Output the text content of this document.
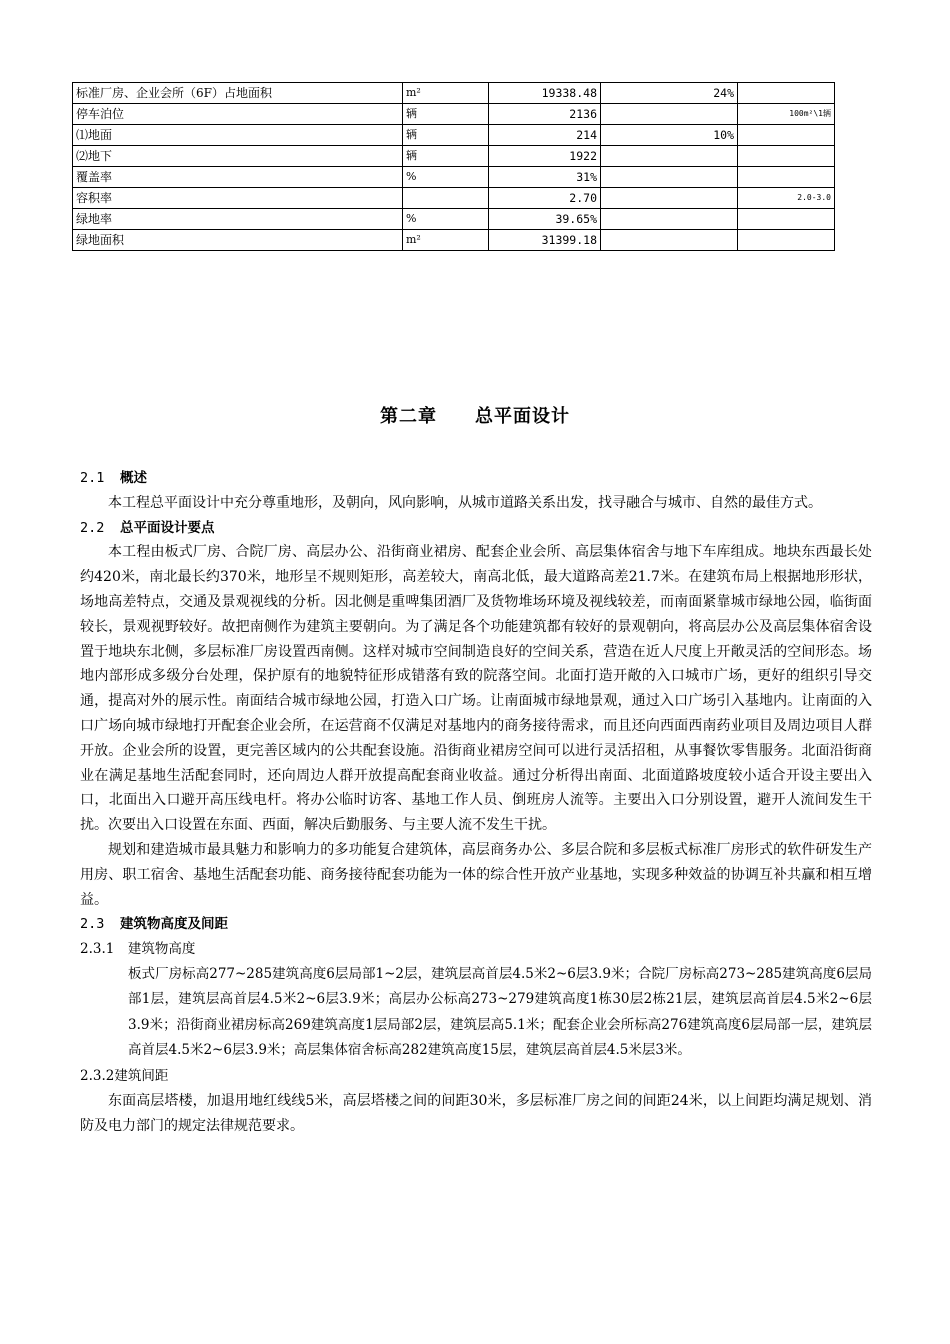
标准厂房、企业会所（6F）占地面积	m²	19338.48	24%	
停车泊位	辆	2136		100m²\1辆
⑴地面	辆	214	10%	
⑵地下	辆	1922		
覆盖率	%	31%		
容积率		2.70		2.0-3.0
绿地率	%	39.65%		
绿地面积	m²	31399.18		
第二章 总平面设计
2.1 概述
本工程总平面设计中充分尊重地形，及朝向，风向影响，从城市道路关系出发，找寻融合与城市、自然的最佳方式。
2.2 总平面设计要点
本工程由板式厂房、合院厂房、高层办公、沿街商业裙房、配套企业会所、高层集体宿舍与地下车库组成。地块东西最长处约420米，南北最长约370米，地形呈不规则矩形，高差较大，南高北低，最大道路高差21.7米。在建筑布局上根据地形形状，场地高差特点，交通及景观视线的分析。因北侧是重啤集团酒厂及货物堆场环境及视线较差，而南面紧靠城市绿地公园，临街面较长，景观视野较好。故把南侧作为建筑主要朝向。为了满足各个功能建筑都有较好的景观朝向，将高层办公及高层集体宿舍设置于地块东北侧，多层标准厂房设置西南侧。这样对城市空间制造良好的空间关系，营造在近人尺度上开敞灵活的空间形态。场地内部形成多级分台处理，保护原有的地貌特征形成错落有致的院落空间。北面打造开敞的入口城市广场，更好的组织引导交通，提高对外的展示性。南面结合城市绿地公园，打造入口广场。让南面城市绿地景观，通过入口广场引入基地内。让南面的入口广场向城市绿地打开配套企业会所，在运营商不仅满足对基地内的商务接待需求，而且还向西面西南药业项目及周边项目人群开放。企业会所的设置，更完善区域内的公共配套设施。沿街商业裙房空间可以进行灵活招租，从事餐饮零售服务。北面沿街商业在满足基地生活配套同时，还向周边人群开放提高配套商业收益。通过分析得出南面、北面道路坡度较小适合开设主要出入口，北面出入口避开高压线电杆。将办公临时访客、基地工作人员、倒班房人流等。主要出入口分别设置，避开人流间发生干扰。次要出入口设置在东面、西面，解决后勤服务、与主要人流不发生干扰。
规划和建造城市最具魅力和影响力的多功能复合建筑体，高层商务办公、多层合院和多层板式标准厂房形式的软件研发生产用房、职工宿舍、基地生活配套功能、商务接待配套功能为一体的综合性开放产业基地，实现多种效益的协调互补共赢和相互增益。
2.3 建筑物高度及间距
2.3.1　建筑物高度
板式厂房标高277~285建筑高度6层局部1~2层，建筑层高首层4.5米2~6层3.9米；合院厂房标高273~285建筑高度6层局部1层，建筑层高首层4.5米2~6层3.9米；高层办公标高273~279建筑高度1栋30层2栋21层，建筑层高首层4.5米2~6层3.9米；沿街商业裙房标高269建筑高度1层局部2层，建筑层高5.1米；配套企业会所标高276建筑高度6层局部一层，建筑层高首层4.5米2~6层3.9米；高层集体宿舍标高282建筑高度15层，建筑层高首层4.5米层3米。
2.3.2建筑间距
东面高层塔楼，加退用地红线线5米，高层塔楼之间的间距30米，多层标准厂房之间的间距24米，以上间距均满足规划、消防及电力部门的规定法律规范要求。
